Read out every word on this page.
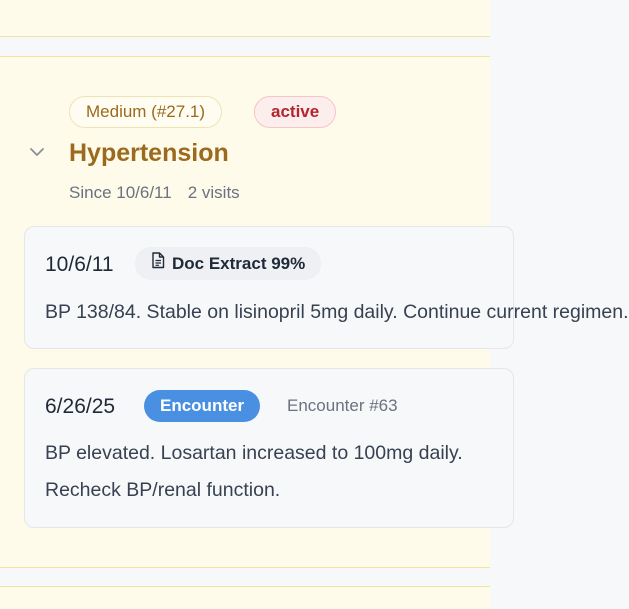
Medium (#27.1)	active
Hypertension
Since 10/6/11 2 visits
10/6/11	Doc Extract 99%
BP 138/84. Stable on lisinopril 5mg daily. Continue current regimen.
6/26/25	Encounter	Encounter #63
BP elevated. Losartan increased to 100mg daily. Recheck BP/renal function.
